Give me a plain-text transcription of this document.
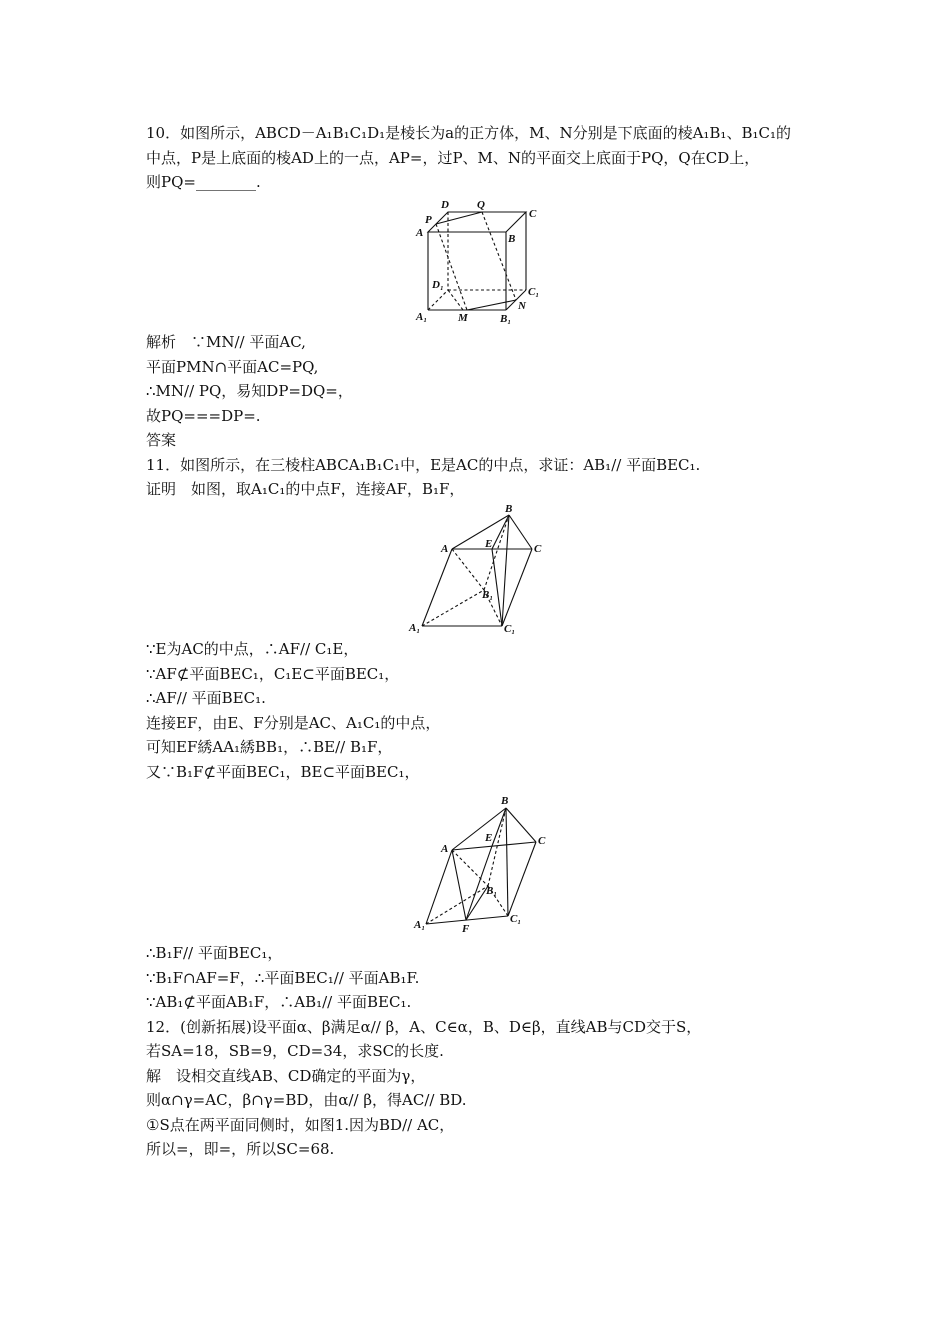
10．如图所示，ABCD－A₁B₁C₁D₁是棱长为a的正方体，M、N分别是下底面的棱A₁B₁、B₁C₁的
中点，P是上底面的棱AD上的一点，AP=，过P、M、N的平面交上底面于PQ，Q在CD上，
则PQ=________.
P
D	Q
C
A	B
D₁
C₁
N
A₁	M	B₁
解析　∵MN// 平面AC,
平面PMN∩平面AC=PQ,
∴MN// PQ，易知DP=DQ=，
故PQ===DP=.
答案
11．如图所示，在三棱柱ABCA₁B₁C₁中，E是AC的中点，求证：AB₁// 平面BEC₁.
证明　如图，取A₁C₁的中点F，连接AF，B₁F，
B
A	E	C
B₁
A₁	C₁
∵E为AC的中点，∴AF// C₁E，
∵AF⊄平面BEC₁，C₁E⊂平面BEC₁，
∴AF// 平面BEC₁.
连接EF，由E、F分别是AC、A₁C₁的中点，
可知EF綉AA₁綉BB₁，∴BE// B₁F，
又∵B₁F⊄平面BEC₁，BE⊂平面BEC₁，
B
E	C
A
B₁
A₁	F
C₁
∴B₁F// 平面BEC₁，
∵B₁F∩AF=F，∴平面BEC₁// 平面AB₁F.
∵AB₁⊄平面AB₁F，∴AB₁// 平面BEC₁.
12．(创新拓展)设平面α、β满足α// β，A、C∈α，B、D∈β，直线AB与CD交于S，
若SA=18，SB=9，CD=34，求SC的长度.
解　设相交直线AB、CD确定的平面为γ，
则α∩γ=AC，β∩γ=BD，由α// β，得AC// BD.
①S点在两平面同侧时，如图1.因为BD// AC，
所以=，即=，所以SC=68.
